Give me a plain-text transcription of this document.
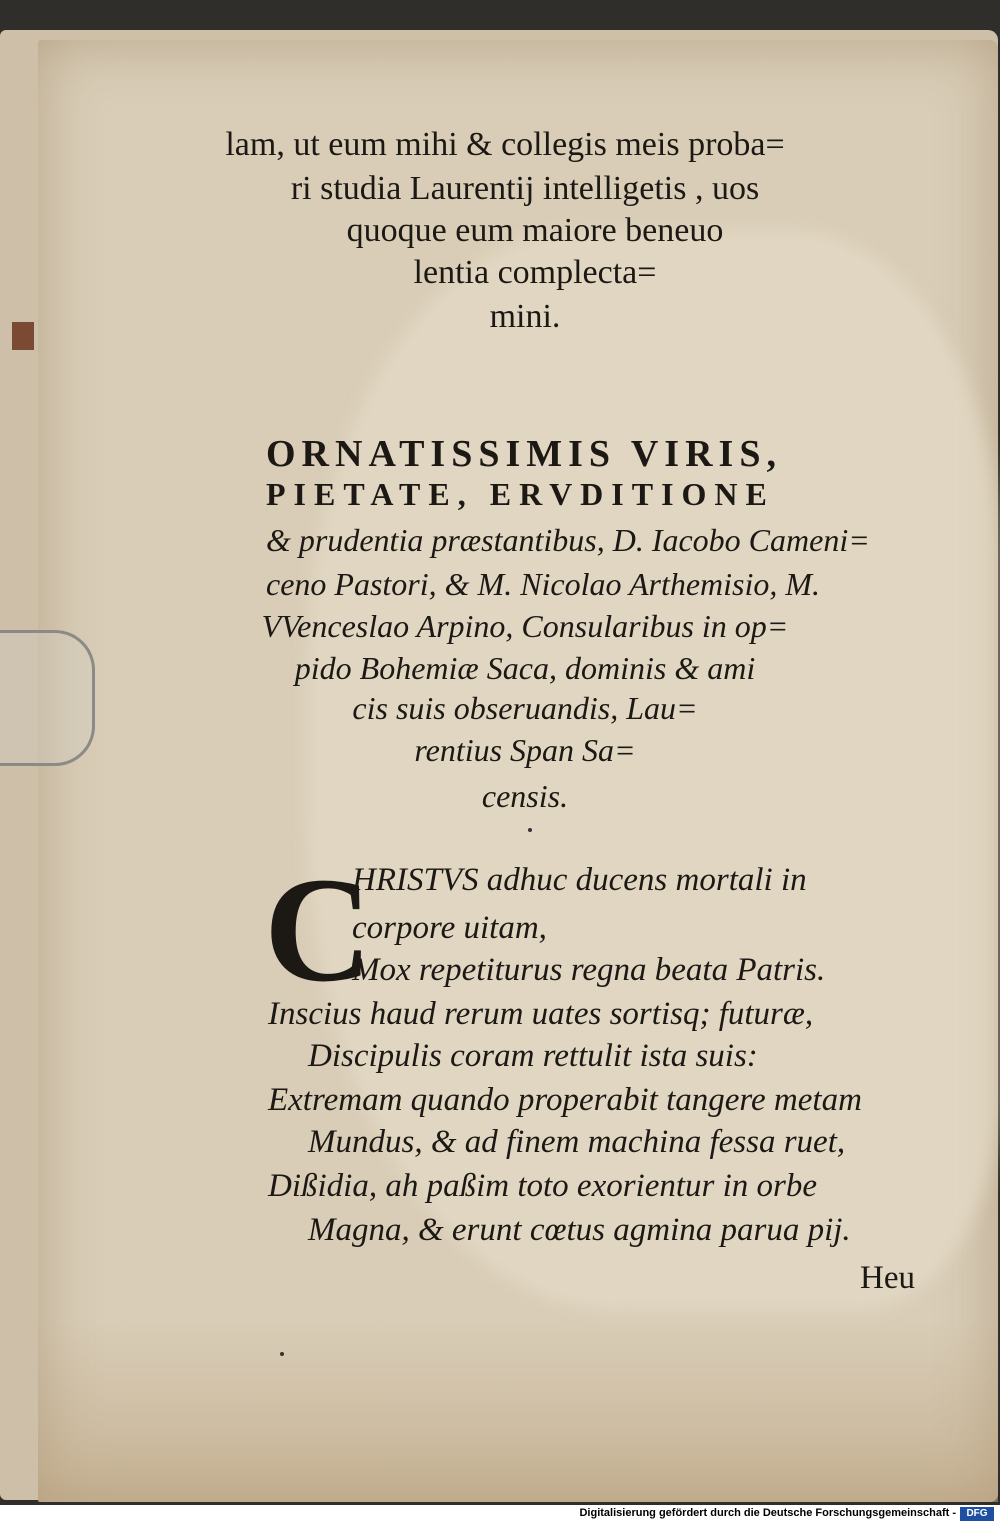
lam, ut eum mihi & collegis meis proba=
ri studia Laurentij intelligetis , uos
quoque eum maiore beneuo
lentia complecta=
mini.
ORNATISSIMIS VIRIS,
PIETATE, ERVDITIONE
& prudentia præstantibus, D. Iacobo Cameni=
ceno Pastori, & M. Nicolao Arthemisio, M.
VVenceslao Arpino, Consularibus in op=
pido Bohemiæ Saca, dominis & ami
cis suis obseruandis, Lau=
rentius Span Sa=
censis.
C
HRISTVS adhuc ducens mortali in
corpore uitam,
Mox repetiturus regna beata Patris.
Inscius haud rerum uates sortisq; futuræ,
Discipulis coram rettulit ista suis:
Extremam quando properabit tangere metam
Mundus, & ad finem machina fessa ruet,
Dißidia, ah paßim toto exorientur in orbe
Magna, & erunt cœtus agmina parua pij.
Heu
Digitalisierung gefördert durch die Deutsche Forschungsgemeinschaft -	DFG
